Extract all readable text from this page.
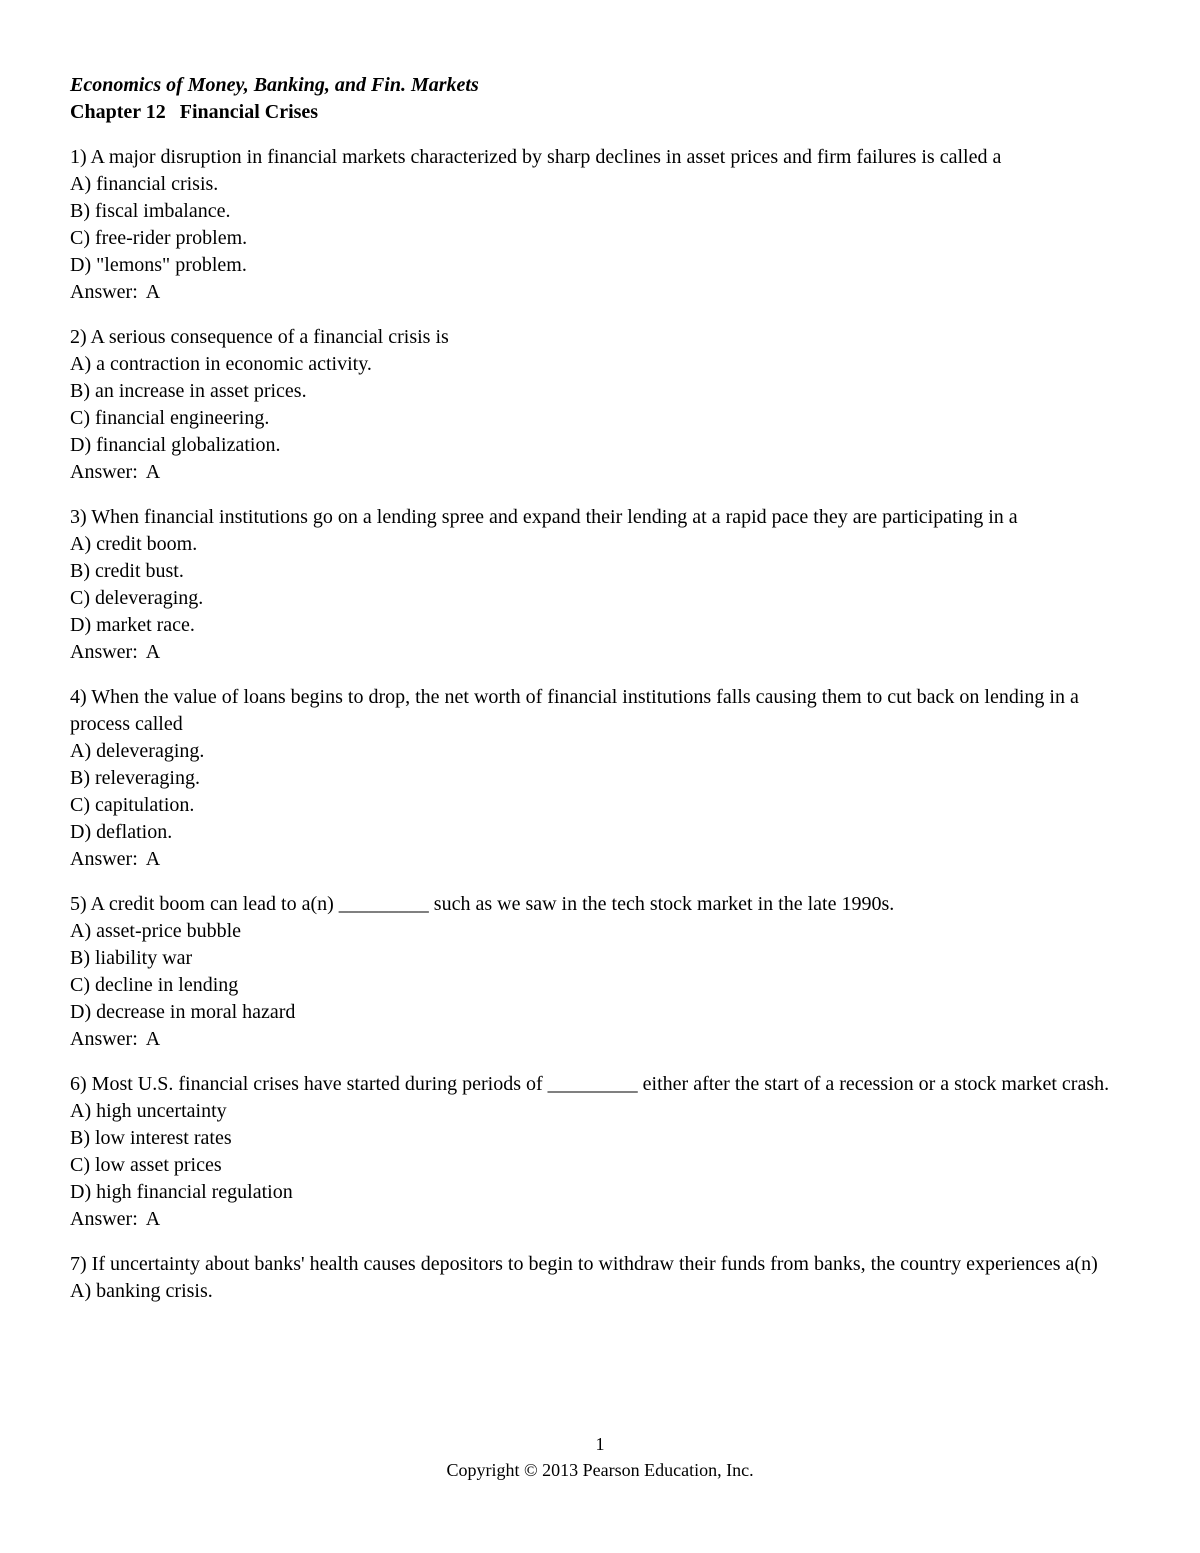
Economics of Money, Banking, and Fin. Markets
Chapter 12 Financial Crises
1) A major disruption in financial markets characterized by sharp declines in asset prices and firm failures is called a
A) financial crisis.
B) fiscal imbalance.
C) free-rider problem.
D) "lemons" problem.
Answer: A
2) A serious consequence of a financial crisis is
A) a contraction in economic activity.
B) an increase in asset prices.
C) financial engineering.
D) financial globalization.
Answer: A
3) When financial institutions go on a lending spree and expand their lending at a rapid pace they are participating in a
A) credit boom.
B) credit bust.
C) deleveraging.
D) market race.
Answer: A
4) When the value of loans begins to drop, the net worth of financial institutions falls causing them to cut back on lending in a process called
A) deleveraging.
B) releveraging.
C) capitulation.
D) deflation.
Answer: A
5) A credit boom can lead to a(n) _________ such as we saw in the tech stock market in the late 1990s.
A) asset-price bubble
B) liability war
C) decline in lending
D) decrease in moral hazard
Answer: A
6) Most U.S. financial crises have started during periods of _________ either after the start of a recession or a stock market crash.
A) high uncertainty
B) low interest rates
C) low asset prices
D) high financial regulation
Answer: A
7) If uncertainty about banks' health causes depositors to begin to withdraw their funds from banks, the country experiences a(n)
A) banking crisis.
1
Copyright © 2013 Pearson Education, Inc.
